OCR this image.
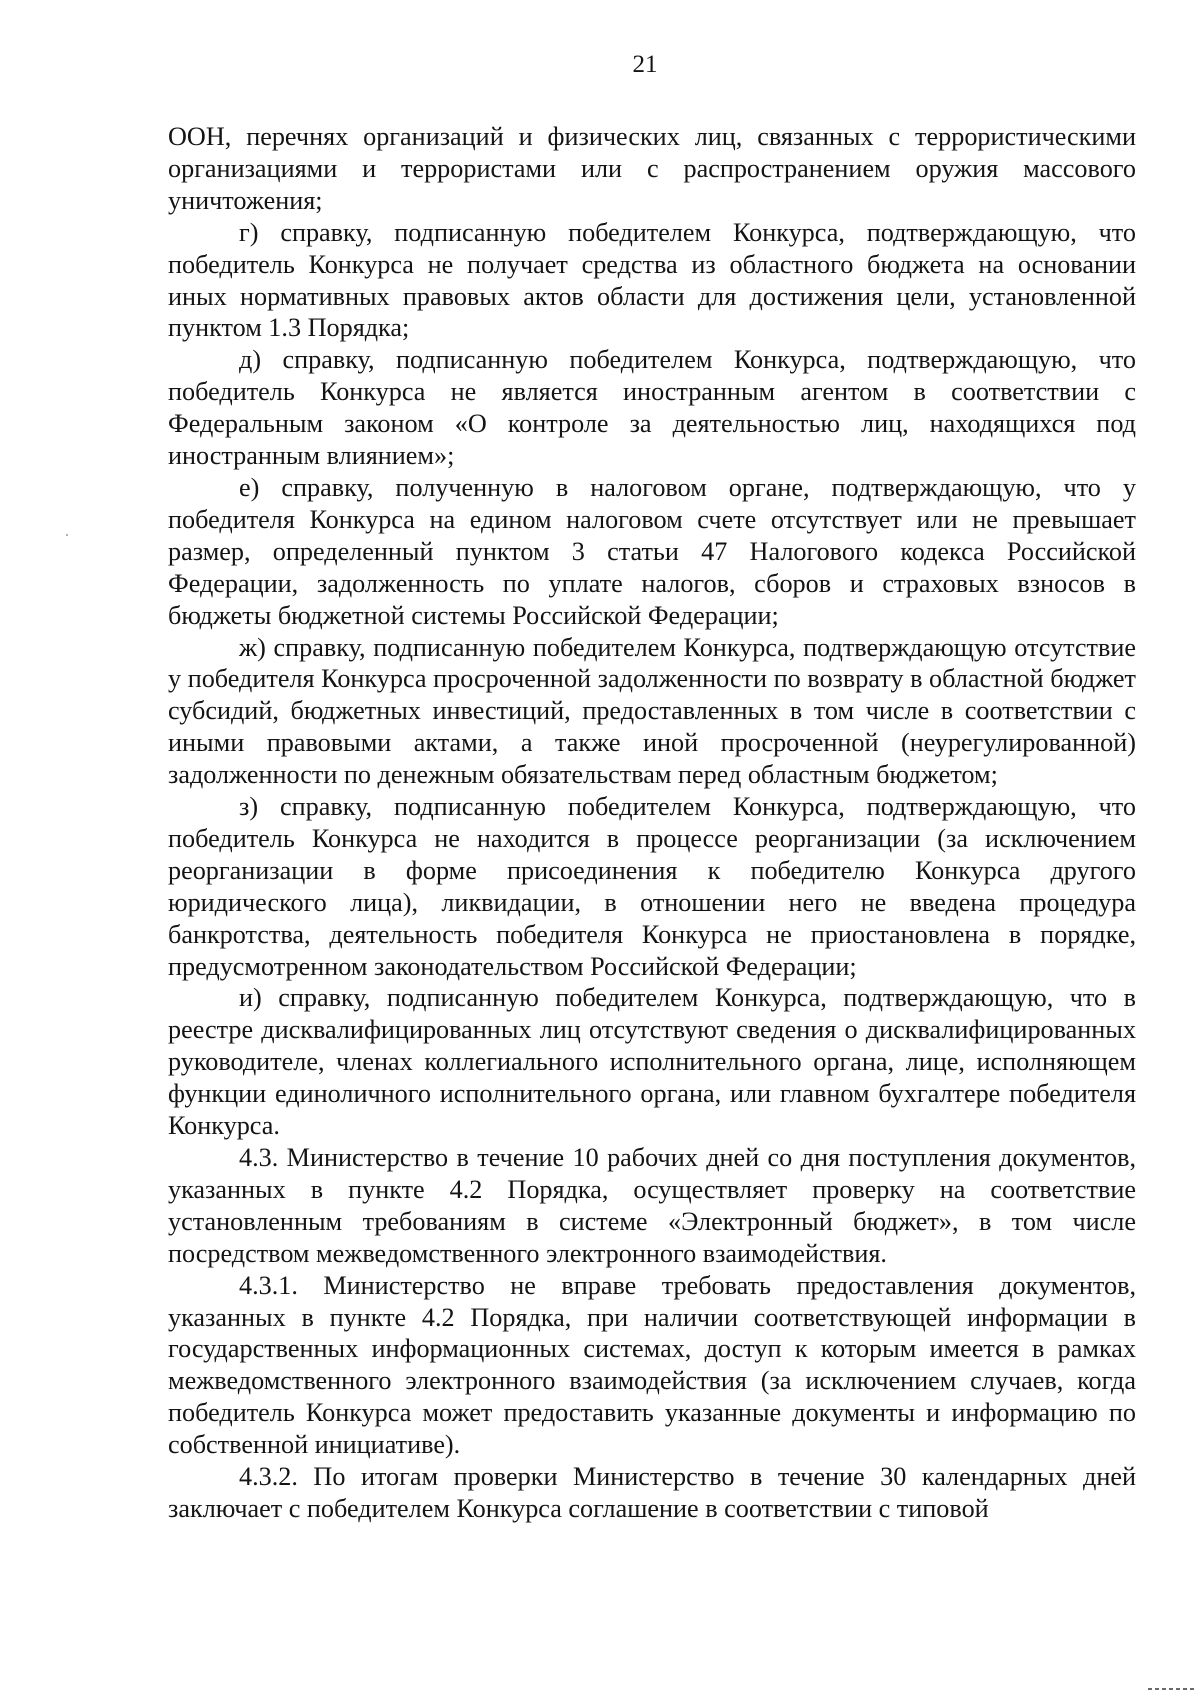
21

ООН, перечнях организаций и физических лиц, связанных с террористическими организациями и террористами или с распространением оружия массового уничтожения;

г) справку, подписанную победителем Конкурса, подтверждающую, что победитель Конкурса не получает средства из областного бюджета на основании иных нормативных правовых актов области для достижения цели, установленной пунктом 1.3 Порядка;

д) справку, подписанную победителем Конкурса, подтверждающую, что победитель Конкурса не является иностранным агентом в соответствии с Федеральным законом «О контроле за деятельностью лиц, находящихся под иностранным влиянием»;

е) справку, полученную в налоговом органе, подтверждающую, что у победителя Конкурса на едином налоговом счете отсутствует или не превышает размер, определенный пунктом 3 статьи 47 Налогового кодекса Российской Федерации, задолженность по уплате налогов, сборов и страховых взносов в бюджеты бюджетной системы Российской Федерации;

ж) справку, подписанную победителем Конкурса, подтверждающую отсутствие у победителя Конкурса просроченной задолженности по возврату в областной бюджет субсидий, бюджетных инвестиций, предоставленных в том числе в соответствии с иными правовыми актами, а также иной просроченной (неурегулированной) задолженности по денежным обязательствам перед областным бюджетом;

з) справку, подписанную победителем Конкурса, подтверждающую, что победитель Конкурса не находится в процессе реорганизации (за исключением реорганизации в форме присоединения к победителю Конкурса другого юридического лица), ликвидации, в отношении него не введена процедура банкротства, деятельность победителя Конкурса не приостановлена в порядке, предусмотренном законодательством Российской Федерации;

и) справку, подписанную победителем Конкурса, подтверждающую, что в реестре дисквалифицированных лиц отсутствуют сведения о дисквалифицированных руководителе, членах коллегиального исполнительного органа, лице, исполняющем функции единоличного исполнительного органа, или главном бухгалтере победителя Конкурса.

4.3. Министерство в течение 10 рабочих дней со дня поступления документов, указанных в пункте 4.2 Порядка, осуществляет проверку на соответствие установленным требованиям в системе «Электронный бюджет», в том числе посредством межведомственного электронного взаимодействия.

4.3.1. Министерство не вправе требовать предоставления документов, указанных в пункте 4.2 Порядка, при наличии соответствующей информации в государственных информационных системах, доступ к которым имеется в рамках межведомственного электронного взаимодействия (за исключением случаев, когда победитель Конкурса может предоставить указанные документы и информацию по собственной инициативе).

4.3.2. По итогам проверки Министерство в течение 30 календарных дней заключает с победителем Конкурса соглашение в соответствии с типовой
